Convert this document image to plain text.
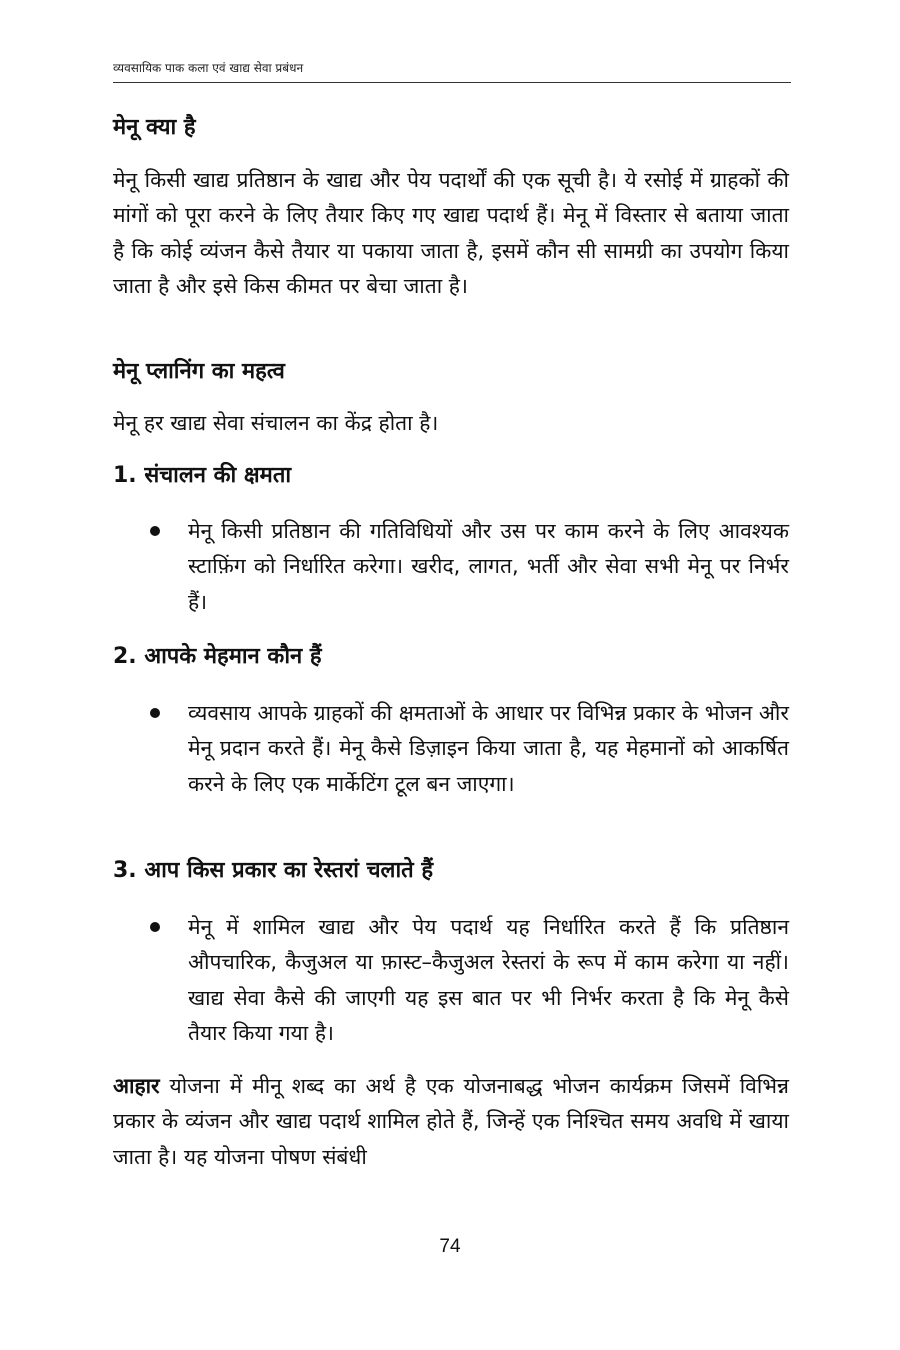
व्यवसायिक पाक कला एवं खाद्य सेवा प्रबंधन
मेनू क्या है

मेनू किसी खाद्य प्रतिष्ठान के खाद्य और पेय पदार्थों की एक सूची है। ये रसोई में ग्राहकों की मांगों को पूरा करने के लिए तैयार किए गए खाद्य पदार्थ हैं। मेनू में विस्तार से बताया जाता है कि कोई व्यंजन कैसे तैयार या पकाया जाता है, इसमें कौन सी सामग्री का उपयोग किया जाता है और इसे किस कीमत पर बेचा जाता है।

मेनू प्लानिंग का महत्व

मेनू हर खाद्य सेवा संचालन का केंद्र होता है।

1. संचालन की क्षमता

मेनू किसी प्रतिष्ठान की गतिविधियों और उस पर काम करने के लिए आवश्यक स्टाफ़िंग को निर्धारित करेगा। खरीद, लागत, भर्ती और सेवा सभी मेनू पर निर्भर हैं।

2. आपके मेहमान कौन हैं

व्यवसाय आपके ग्राहकों की क्षमताओं के आधार पर विभिन्न प्रकार के भोजन और मेनू प्रदान करते हैं। मेनू कैसे डिज़ाइन किया जाता है, यह मेहमानों को आकर्षित करने के लिए एक मार्केटिंग टूल बन जाएगा।

3. आप किस प्रकार का रेस्तरां चलाते हैं

मेनू में शामिल खाद्य और पेय पदार्थ यह निर्धारित करते हैं कि प्रतिष्ठान औपचारिक, कैजुअल या फ़ास्ट–कैजुअल रेस्तरां के रूप में काम करेगा या नहीं। खाद्य सेवा कैसे की जाएगी यह इस बात पर भी निर्भर करता है कि मेनू कैसे तैयार किया गया है।

आहार योजना में मीनू शब्द का अर्थ है एक योजनाबद्ध भोजन कार्यक्रम जिसमें विभिन्न प्रकार के व्यंजन और खाद्य पदार्थ शामिल होते हैं, जिन्हें एक निश्चित समय अवधि में खाया जाता है। यह योजना पोषण संबंधी

74
